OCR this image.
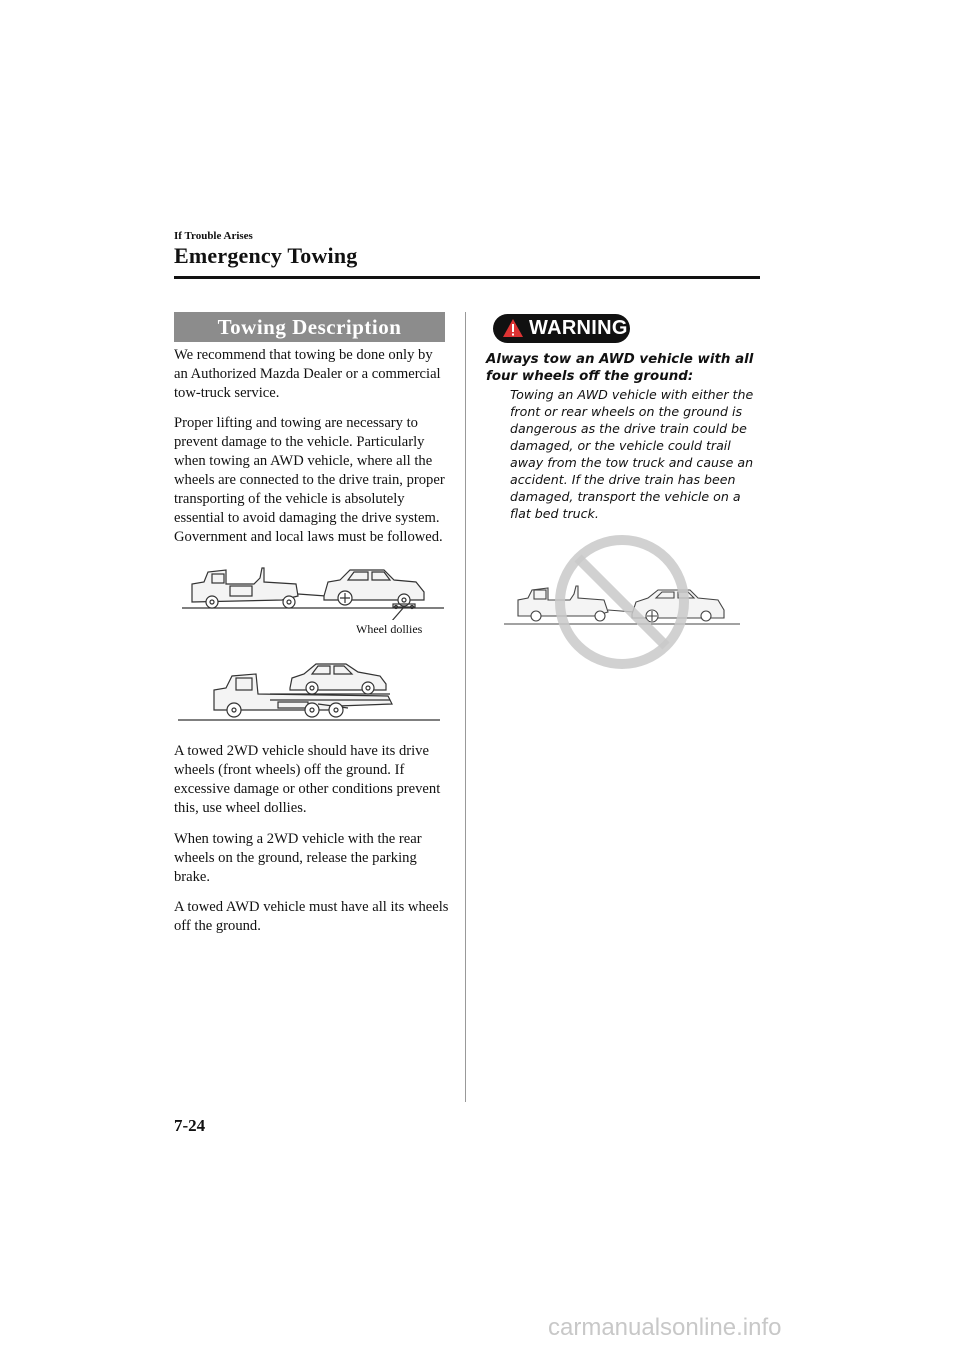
If Trouble Arises
Emergency Towing
Towing Description

We recommend that towing be done only by an Authorized Mazda Dealer or a commercial tow-truck service.

Proper lifting and towing are necessary to prevent damage to the vehicle. Particularly when towing an AWD vehicle, where all the wheels are connected to the drive train, proper transporting of the vehicle is absolutely essential to avoid damaging the drive system. Government and local laws must be followed.

Wheel dollies

A towed 2WD vehicle should have its drive wheels (front wheels) off the ground. If excessive damage or other conditions prevent this, use wheel dollies.

When towing a 2WD vehicle with the rear wheels on the ground, release the parking brake.

A towed AWD vehicle must have all its wheels off the ground.

WARNING

Always tow an AWD vehicle with all four wheels off the ground:

Towing an AWD vehicle with either the front or rear wheels on the ground is dangerous as the drive train could be damaged, or the vehicle could trail away from the tow truck and cause an accident. If the drive train has been damaged, transport the vehicle on a flat bed truck.

7-24
carmanualsonline.info
